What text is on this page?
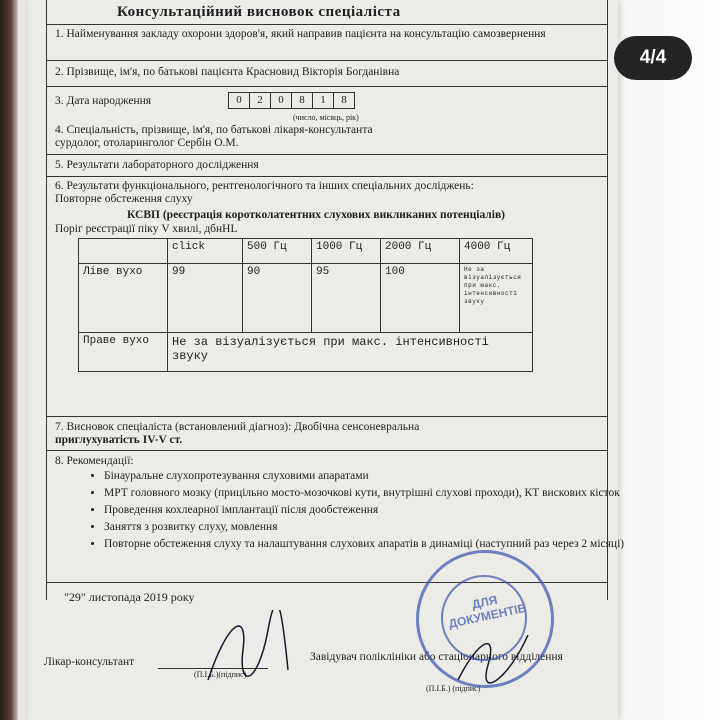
Консультаційний висновок спеціаліста
1. Найменування закладу охорони здоров'я, який направив пацієнта на консультацію самозвернення
2. Прізвище, ім'я, по батькові пацієнта Красновид Вікторія Богданівна
3. Дата народження
(число, місяць, рік)
4. Спеціальність, прізвище, ім'я, по батькові лікаря-консультанта
сурдолог, отоларинголог Сербін О.М.
5. Результати лабораторного дослідження
6. Результати функціонального, рентгенологічного та інших спеціальних досліджень:
Повторне обстеження слуху
КСВП (реєстрація коротколатентних слухових викликаних потенціалів)
Поріг реєстрації піку V хвилі, дбнHL
7. Висновок спеціаліста (встановлений діагноз): Двобічна сенсоневральна
приглухуватість IV-V ст.
8. Рекомендації:
0	2	0	8	1	8
	click	500 Гц	1000 Гц	2000 Гц	4000 Гц
Ліве вухо	99	90	95	100	Не за візуалізується при макс. інтенсивності звуку
Праве вухо	Не за візуалізується при макс. інтенсивності звуку				
• Бінауральне слухопротезування слуховими апаратами
• МРТ головного мозку (прицільно мосто-мозочкові кути, внутрішні слухові проходи), КТ вискових кісток
• Проведення кохлеарної імплантації після дообстеження
• Заняття з розвитку слуху, мовлення
• Повторне обстеження слуху та налаштування слухових апаратів в динаміці (наступний раз через 2 місяці)
"29" листопада 2019 року
Лікар-консультант
(П.І.Б.)(підпис)
Завідувач поліклініки або стаціонарного відділення
(П.І.Б.) (підпис)
ДЛЯ ДОКУМЕНТІВ
4/4
